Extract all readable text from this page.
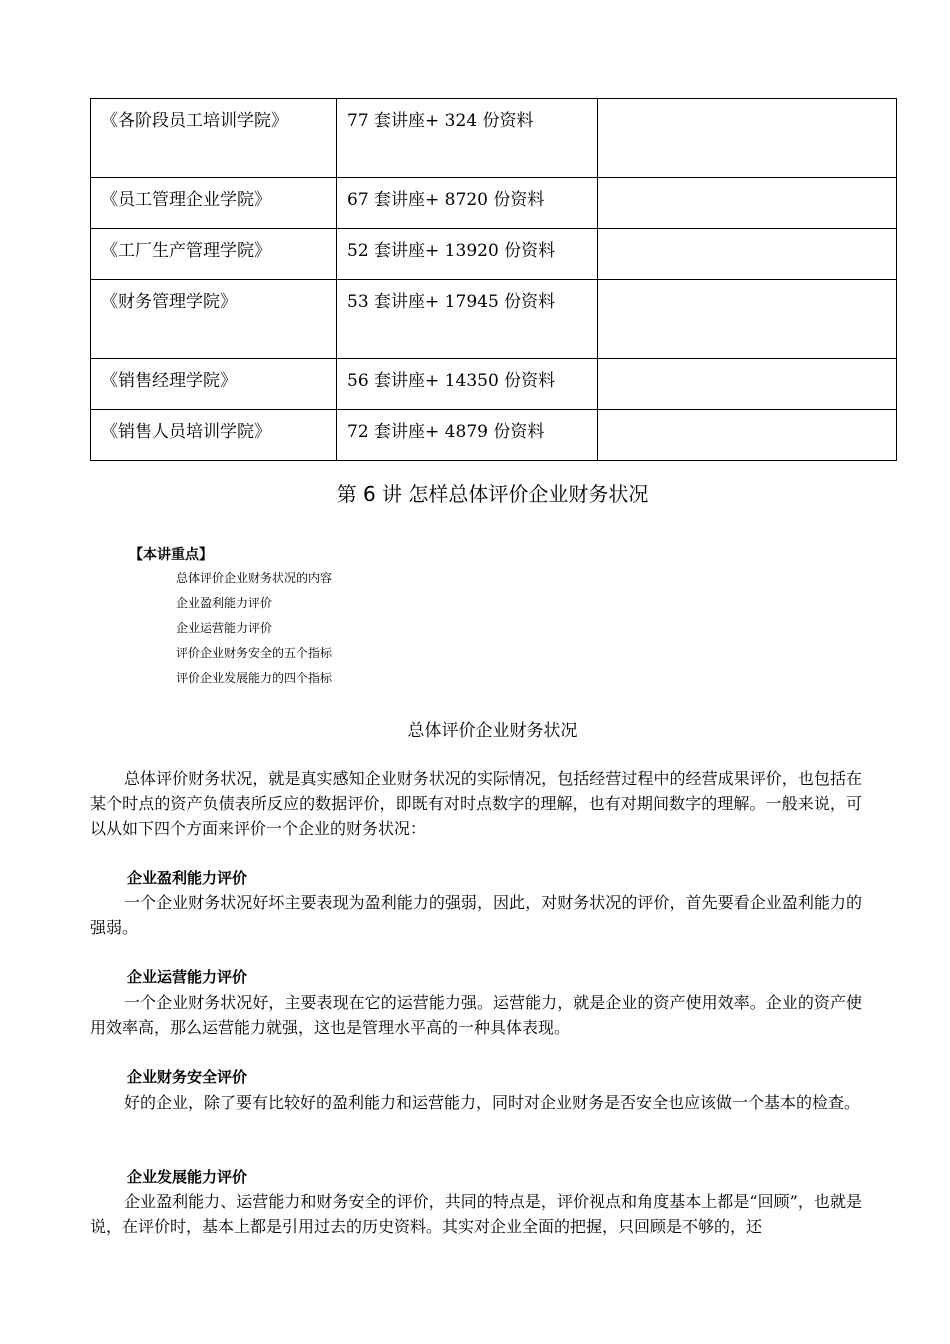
《各阶段员工培训学院》	77 套讲座+ 324 份资料	
《员工管理企业学院》	67 套讲座+ 8720 份资料	
《工厂生产管理学院》	52 套讲座+ 13920 份资料	
《财务管理学院》	53 套讲座+ 17945 份资料	
《销售经理学院》	56 套讲座+ 14350 份资料	
《销售人员培训学院》	72 套讲座+ 4879 份资料	
第 6 讲 怎样总体评价企业财务状况
【本讲重点】
总体评价企业财务状况的内容
企业盈利能力评价
企业运营能力评价
评价企业财务安全的五个指标
评价企业发展能力的四个指标
总体评价企业财务状况

总体评价财务状况，就是真实感知企业财务状况的实际情况，包括经营过程中的经营成果评价，也包括在某个时点的资产负债表所反应的数据评价，即既有对时点数字的理解，也有对期间数字的理解。一般来说，可以从如下四个方面来评价一个企业的财务状况：

企业盈利能力评价

一个企业财务状况好坏主要表现为盈利能力的强弱，因此，对财务状况的评价，首先要看企业盈利能力的强弱。

企业运营能力评价

一个企业财务状况好，主要表现在它的运营能力强。运营能力，就是企业的资产使用效率。企业的资产使用效率高，那么运营能力就强，这也是管理水平高的一种具体表现。

企业财务安全评价

好的企业，除了要有比较好的盈利能力和运营能力，同时对企业财务是否安全也应该做一个基本的检查。

企业发展能力评价

企业盈利能力、运营能力和财务安全的评价，共同的特点是，评价视点和角度基本上都是“回顾”，也就是说，在评价时，基本上都是引用过去的历史资料。其实对企业全面的把握，只回顾是不够的，还
